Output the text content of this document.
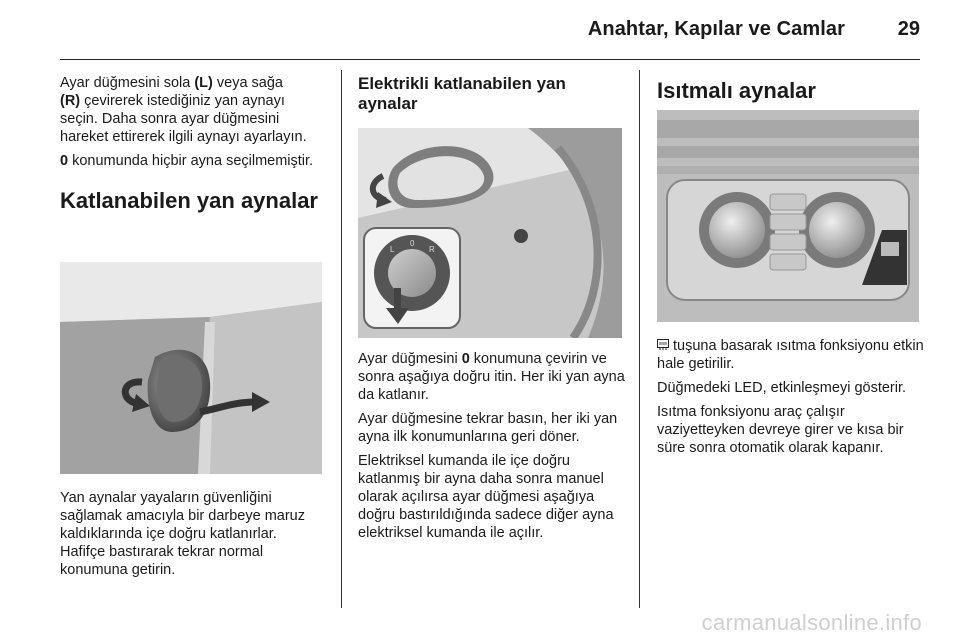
Anahtar, Kapılar ve Camlar	29

Ayar düğmesini sola (L) veya sağa
(R) çevirerek istediğiniz yan aynayı seçin. Daha sonra ayar düğmesini hareket ettirerek ilgili aynayı ayarlayın.

0 konumunda hiçbir ayna seçilmemiştir.

Katlanabilen yan aynalar

Yan aynalar yayaların güvenliğini sağlamak amacıyla bir darbeye maruz kaldıklarında içe doğru katlanırlar. Hafifçe bastırarak tekrar normal konumuna getirin.

Elektrikli katlanabilen yan aynalar
L
0
R

Ayar düğmesini 0 konumuna çevirin ve sonra aşağıya doğru itin. Her iki yan ayna da katlanır.

Ayar düğmesine tekrar basın, her iki yan ayna ilk konumunlarına geri döner.

Elektriksel kumanda ile içe doğru katlanmış bir ayna daha sonra manuel olarak açılırsa ayar düğmesi aşağıya doğru bastırıldığında sadece diğer ayna elektriksel kumanda ile açılır.

Isıtmalı aynalar

tuşuna basarak ısıtma fonksiyonu etkin hale getirilir.

Düğmedeki LED, etkinleşmeyi gösterir.

Isıtma fonksiyonu araç çalışır vaziyetteyken devreye girer ve kısa bir süre sonra otomatik olarak kapanır.

carmanualsonline.info
